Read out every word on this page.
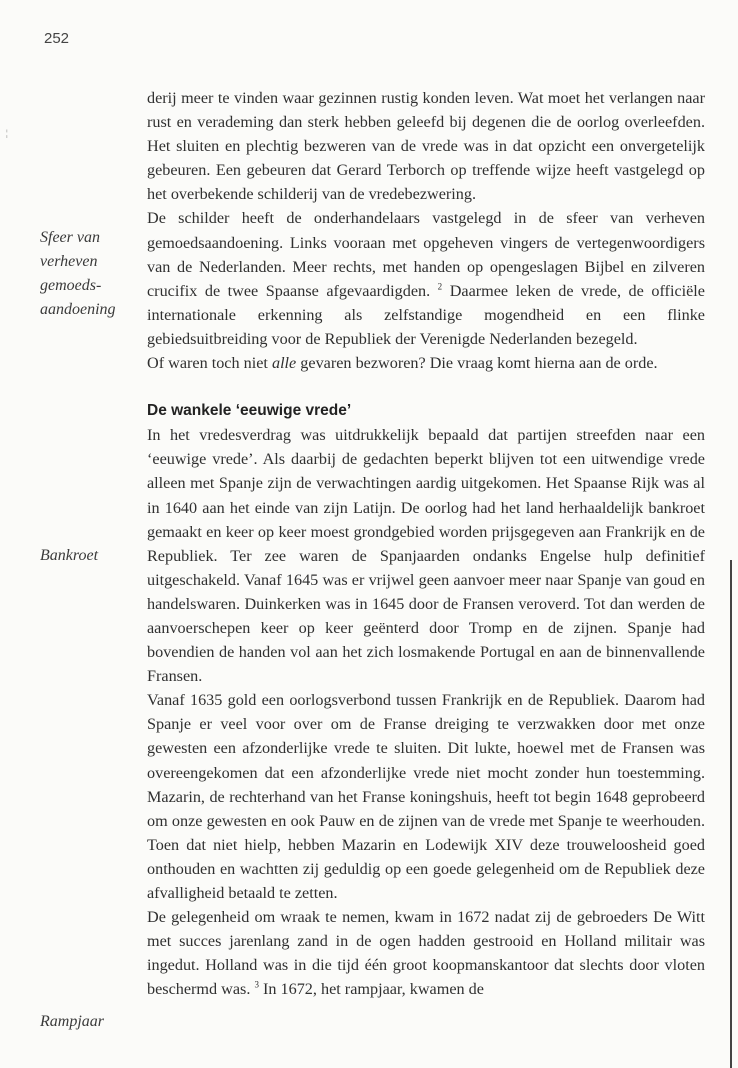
252
¦
Sfeer van
verheven
gemoeds-
aandoening
Bankroet
Rampjaar

derij meer te vinden waar gezinnen rustig konden leven. Wat moet het verlangen naar rust en verademing dan sterk hebben geleefd bij degenen die de oorlog overleefden. Het sluiten en plechtig bezweren van de vrede was in dat opzicht een onvergetelijk gebeuren. Een gebeuren dat Gerard Terborch op treffende wijze heeft vastgelegd op het overbekende schilderij van de vredebezwering.

De schilder heeft de onderhandelaars vastgelegd in de sfeer van verheven gemoedsaandoening. Links vooraan met opgeheven vingers de vertegenwoordigers van de Nederlanden. Meer rechts, met handen op opengeslagen Bijbel en zilveren crucifix de twee Spaanse afgevaardigden. $^2$ Daarmee leken de vrede, de officiële internationale erkenning als zelfstandige mogendheid en een flinke gebiedsuitbreiding voor de Republiek der Verenigde Nederlanden bezegeld.

Of waren toch niet alle gevaren bezworen? Die vraag komt hierna aan de orde.

De wankele ‘eeuwige vrede’

In het vredesverdrag was uitdrukkelijk bepaald dat partijen streefden naar een ‘eeuwige vrede’. Als daarbij de gedachten beperkt blijven tot een uitwendige vrede alleen met Spanje zijn de verwachtingen aardig uitgekomen. Het Spaanse Rijk was al in 1640 aan het einde van zijn Latijn. De oorlog had het land herhaaldelijk bankroet gemaakt en keer op keer moest grondgebied worden prijsgegeven aan Frankrijk en de Republiek. Ter zee waren de Spanjaarden ondanks Engelse hulp definitief uitgeschakeld. Vanaf 1645 was er vrijwel geen aanvoer meer naar Spanje van goud en handelswaren. Duinkerken was in 1645 door de Fransen veroverd. Tot dan werden de aanvoerschepen keer op keer geënterd door Tromp en de zijnen. Spanje had bovendien de handen vol aan het zich losmakende Portugal en aan de binnenvallende Fransen.

Vanaf 1635 gold een oorlogsverbond tussen Frankrijk en de Republiek. Daarom had Spanje er veel voor over om de Franse dreiging te verzwakken door met onze gewesten een afzonderlijke vrede te sluiten. Dit lukte, hoewel met de Fransen was overeengekomen dat een afzonderlijke vrede niet mocht zonder hun toestemming. Mazarin, de rechterhand van het Franse koningshuis, heeft tot begin 1648 geprobeerd om onze gewesten en ook Pauw en de zijnen van de vrede met Spanje te weerhouden. Toen dat niet hielp, hebben Mazarin en Lodewijk XIV deze trouweloosheid goed onthouden en wachtten zij geduldig op een goede gelegenheid om de Republiek deze afvalligheid betaald te zetten.

De gelegenheid om wraak te nemen, kwam in 1672 nadat zij de gebroeders De Witt met succes jarenlang zand in de ogen hadden gestrooid en Holland militair was ingedut. Holland was in die tijd één groot koopmanskantoor dat slechts door vloten beschermd was. $^3$ In 1672, het rampjaar, kwamen de
